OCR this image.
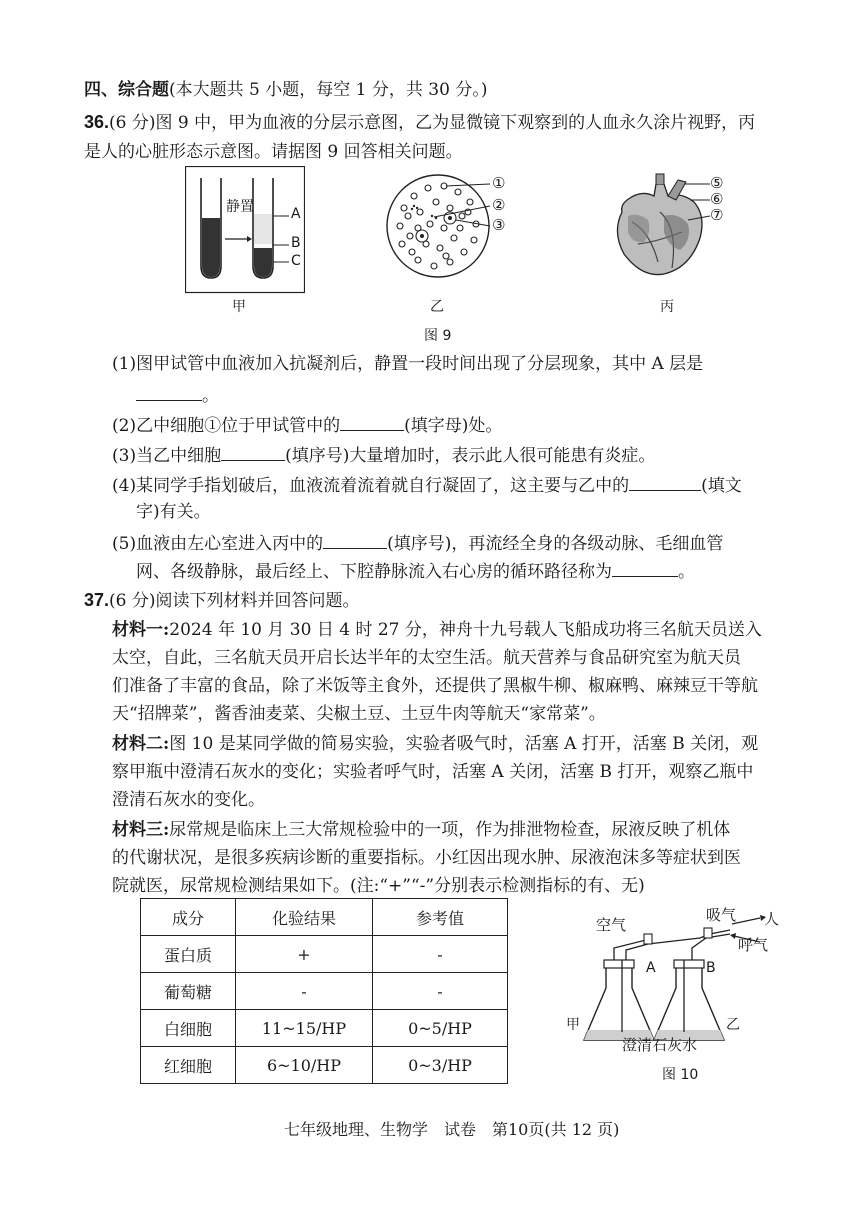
四、综合题(本大题共 5 小题，每空 1 分，共 30 分。)
36.(6 分)图 9 中，甲为血液的分层示意图，乙为显微镜下观察到的人血永久涂片视野，丙
是人的心脏形态示意图。请据图 9 回答相关问题。
静置	A
B
C
甲
①
②
③
乙
⑤
⑥
⑦
丙
图 9
(1)图甲试管中血液加入抗凝剂后，静置一段时间出现了分层现象，其中 A 层是
。
(2)乙中细胞①位于甲试管中的	(填字母)处。
(3)当乙中细胞	(填序号)大量增加时，表示此人很可能患有炎症。
(4)某同学手指划破后，血液流着流着就自行凝固了，这主要与乙中的	(填文
字)有关。
(5)血液由左心室进入丙中的	(填序号)，再流经全身的各级动脉、毛细血管
网、各级静脉，最后经上、下腔静脉流入右心房的循环路径称为	。
37.(6 分)阅读下列材料并回答问题。
材料一:2024 年 10 月 30 日 4 时 27 分，神舟十九号载人飞船成功将三名航天员送入
太空，自此，三名航天员开启长达半年的太空生活。航天营养与食品研究室为航天员
们准备了丰富的食品，除了米饭等主食外，还提供了黑椒牛柳、椒麻鸭、麻辣豆干等航
天“招牌菜”，酱香油麦菜、尖椒土豆、土豆牛肉等航天“家常菜”。
材料二:图 10 是某同学做的简易实验，实验者吸气时，活塞 A 打开，活塞 B 关闭，观
察甲瓶中澄清石灰水的变化；实验者呼气时，活塞 A 关闭，活塞 B 打开，观察乙瓶中
澄清石灰水的变化。
材料三:尿常规是临床上三大常规检验中的一项，作为排泄物检查，尿液反映了机体
的代谢状况，是很多疾病诊断的重要指标。小红因出现水肿、尿液泡沫多等症状到医
院就医，尿常规检测结果如下。(注:“+”“-”分别表示检测指标的有、无)
成分	化验结果	参考值
蛋白质	+	-
葡萄糖	-	-
白细胞	11~15/HP	0~5/HP
红细胞	6~10/HP	0~3/HP
空气
吸气 人
呼气
A	B
甲	乙
澄清石灰水
图 10
七年级地理、生物学　试卷　第10页(共 12 页)
